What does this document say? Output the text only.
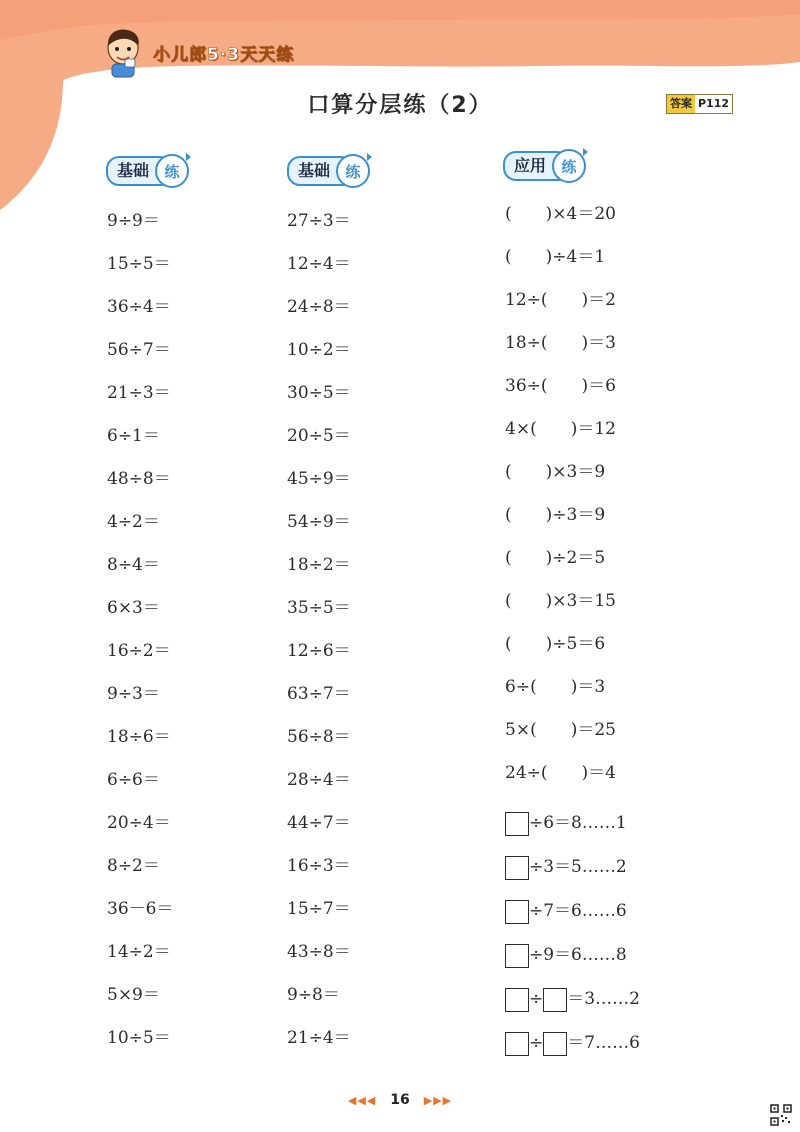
小儿郎5·3天天练
口算分层练（2）	答案 P112
基础	练	基础	练	应用	练
9÷9＝
15÷5＝
36÷4＝
56÷7＝
21÷3＝
6÷1＝
48÷8＝
4÷2＝
8÷4＝
6×3＝
16÷2＝
9÷3＝
18÷6＝
6÷6＝
20÷4＝
8÷2＝
36－6＝
14÷2＝
5×9＝
10÷5＝
27÷3＝
12÷4＝
24÷8＝
10÷2＝
30÷5＝
20÷5＝
45÷9＝
54÷9＝
18÷2＝
35÷5＝
12÷6＝
63÷7＝
56÷8＝
28÷4＝
44÷7＝
16÷3＝
15÷7＝
43÷8＝
9÷8＝
21÷4＝
(  )×4＝20
(  )÷4＝1
12÷(  )＝2
18÷(  )＝3
36÷(  )＝6
4×(  )＝12
(  )×3＝9
(  )÷3＝9
(  )÷2＝5
(  )×3＝15
(  )÷5＝6
6÷(  )＝3
5×(  )＝25
24÷(  )＝4
÷6＝8……1
÷3＝5……2
÷7＝6……6
÷9＝6……8
÷ ＝3……2
÷ ＝7……6
◀◀◀ 16 ▶▶▶
